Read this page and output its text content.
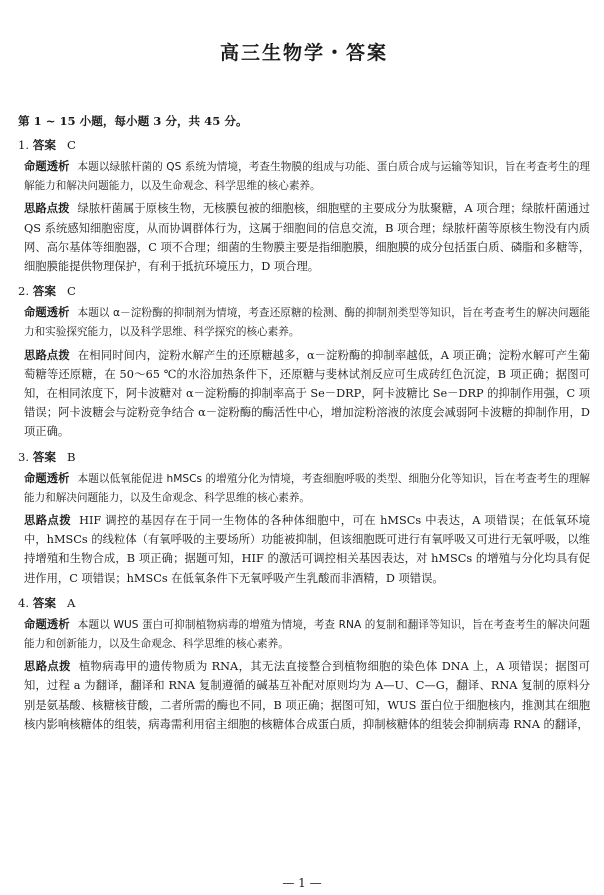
高三生物学・答案
第 1 ~ 15 小题，每小题 3 分，共 45 分。
1. 答案 C

命题透析 本题以绿脓杆菌的 QS 系统为情境，考查生物膜的组成与功能、蛋白质合成与运输等知识，旨在考查考生的理解能力和解决问题能力，以及生命观念、科学思维的核心素养。

思路点拨 绿脓杆菌属于原核生物，无核膜包被的细胞核，细胞壁的主要成分为肽聚糖，A 项合理；绿脓杆菌通过 QS 系统感知细胞密度，从而协调群体行为，这属于细胞间的信息交流，B 项合理；绿脓杆菌等原核生物没有内质网、高尔基体等细胞器，C 项不合理；细菌的生物膜主要是指细胞膜，细胞膜的成分包括蛋白质、磷脂和多糖等，细胞膜能提供物理保护，有利于抵抗环境压力，D 项合理。

2. 答案 C

命题透析 本题以 α－淀粉酶的抑制剂为情境，考查还原糖的检测、酶的抑制剂类型等知识，旨在考查考生的解决问题能力和实验探究能力，以及科学思维、科学探究的核心素养。

思路点拨 在相同时间内，淀粉水解产生的还原糖越多，α－淀粉酶的抑制率越低，A 项正确；淀粉水解可产生葡萄糖等还原糖，在 50～65 ℃的水浴加热条件下，还原糖与斐林试剂反应可生成砖红色沉淀，B 项正确；据图可知，在相同浓度下，阿卡波糖对 α－淀粉酶的抑制率高于 Se－DRP，阿卡波糖比 Se－DRP 的抑制作用强，C 项错误；阿卡波糖会与淀粉竞争结合 α－淀粉酶的酶活性中心，增加淀粉溶液的浓度会减弱阿卡波糖的抑制作用，D 项正确。

3. 答案 B

命题透析 本题以低氧能促进 hMSCs 的增殖分化为情境，考查细胞呼吸的类型、细胞分化等知识，旨在考查考生的理解能力和解决问题能力，以及生命观念、科学思维的核心素养。

思路点拨 HIF 调控的基因存在于同一生物体的各种体细胞中，可在 hMSCs 中表达，A 项错误；在低氧环境中，hMSCs 的线粒体（有氧呼吸的主要场所）功能被抑制，但该细胞既可进行有氧呼吸又可进行无氧呼吸，以维持增殖和生物合成，B 项正确；据题可知，HIF 的激活可调控相关基因表达，对 hMSCs 的增殖与分化均具有促进作用，C 项错误；hMSCs 在低氧条件下无氧呼吸产生乳酸而非酒精，D 项错误。

4. 答案 A

命题透析 本题以 WUS 蛋白可抑制植物病毒的增殖为情境，考查 RNA 的复制和翻译等知识，旨在考查考生的解决问题能力和创新能力，以及生命观念、科学思维的核心素养。

思路点拨 植物病毒甲的遗传物质为 RNA，其无法直接整合到植物细胞的染色体 DNA 上，A 项错误；据图可知，过程 a 为翻译，翻译和 RNA 复制遵循的碱基互补配对原则均为 A—U、C—G，翻译、RNA 复制的原料分别是氨基酸、核糖核苷酸，二者所需的酶也不同，B 项正确；据图可知，WUS 蛋白位于细胞核内，推测其在细胞核内影响核糖体的组装，病毒需利用宿主细胞的核糖体合成蛋白质，抑制核糖体的组装会抑制病毒 RNA 的翻译，

— 1 —
